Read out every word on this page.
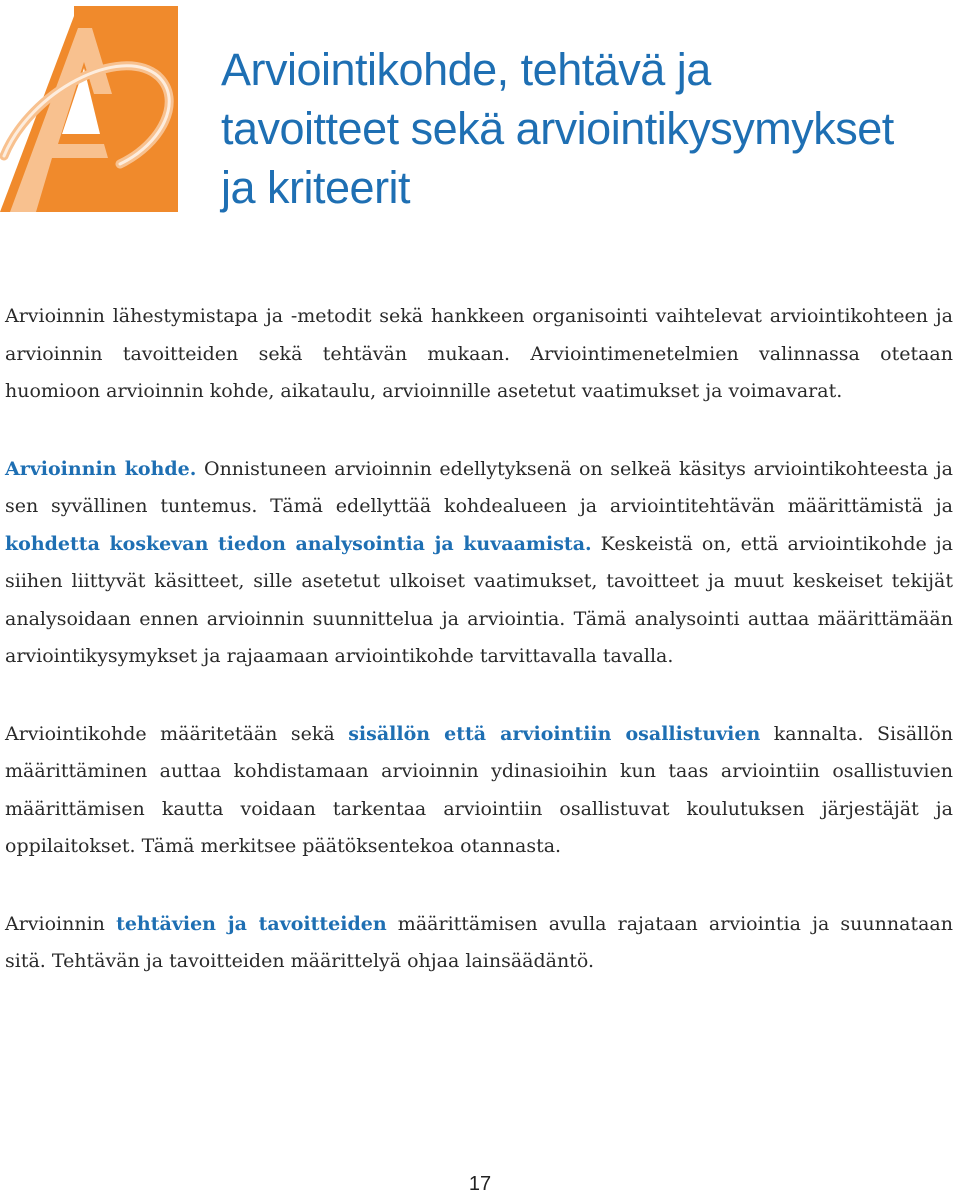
Arviointikohde, tehtävä ja
tavoitteet sekä arviointikysymykset
ja kriteerit

Arvioinnin lähestymistapa ja -metodit sekä hankkeen organisointi vaihtelevat arviointikohteen ja arvioinnin tavoitteiden sekä tehtävän mukaan. Arviointimenetelmien valinnassa otetaan huomioon arvioinnin kohde, aikataulu, arvioinnille asetetut vaatimukset ja voimavarat.

Arvioinnin kohde. Onnistuneen arvioinnin edellytyksenä on selkeä käsitys arviointikohteesta ja sen syvällinen tuntemus. Tämä edellyttää kohdealueen ja arviointitehtävän määrittämistä ja kohdetta koskevan tiedon analysointia ja kuvaamista. Keskeistä on, että arviointikohde ja siihen liittyvät käsitteet, sille asetetut ulkoiset vaatimukset, tavoitteet ja muut keskeiset tekijät analysoidaan ennen arvioinnin suunnittelua ja arviointia. Tämä analysointi auttaa määrittämään arviointikysymykset ja rajaamaan arviointikohde tarvittavalla tavalla.

Arviointikohde määritetään sekä sisällön että arviointiin osallistuvien kannalta. Sisällön määrittäminen auttaa kohdistamaan arvioinnin ydinasioihin kun taas arviointiin osallistuvien määrittämisen kautta voidaan tarkentaa arviointiin osallistuvat koulutuksen järjestäjät ja oppilaitokset. Tämä merkitsee päätöksentekoa otannasta.

Arvioinnin tehtävien ja tavoitteiden määrittämisen avulla rajataan arviointia ja suunnataan sitä. Tehtävän ja tavoitteiden määrittelyä ohjaa lainsäädäntö.

17
